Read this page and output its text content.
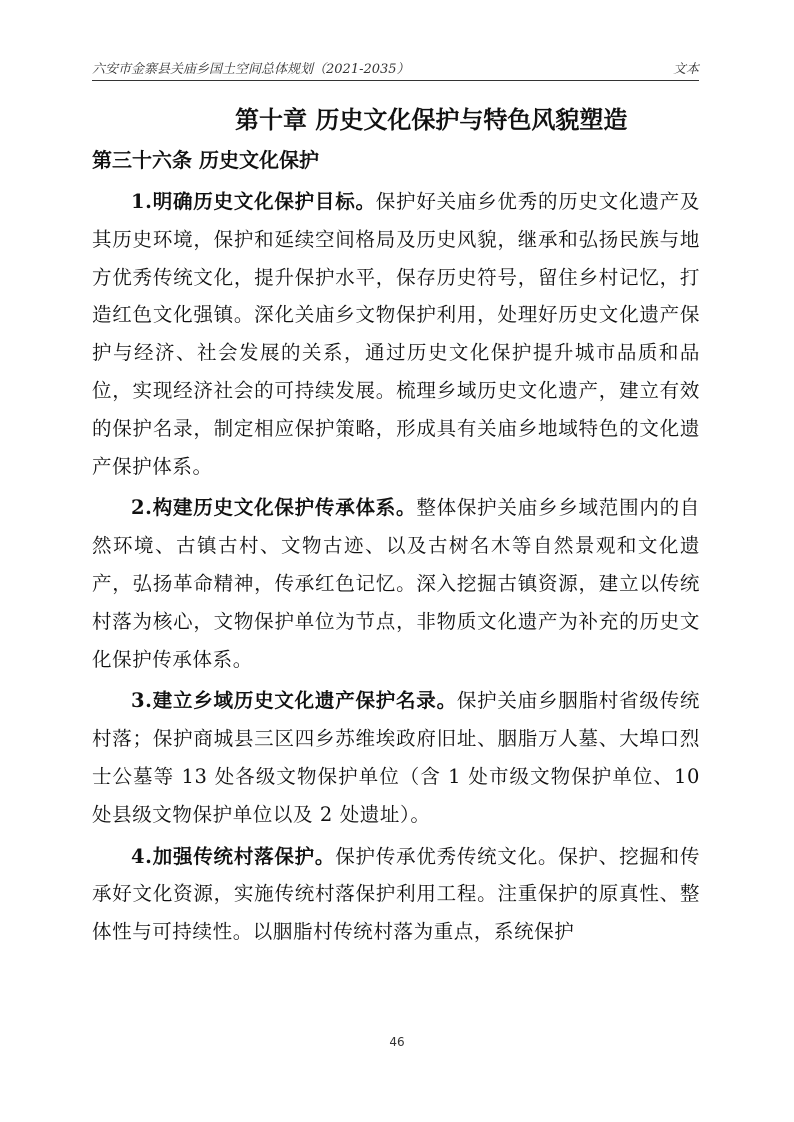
六安市金寨县关庙乡国土空间总体规划（2021-2035）	文本
第十章 历史文化保护与特色风貌塑造
第三十六条 历史文化保护

1.明确历史文化保护目标。保护好关庙乡优秀的历史文化遗产及其历史环境，保护和延续空间格局及历史风貌，继承和弘扬民族与地方优秀传统文化，提升保护水平，保存历史符号，留住乡村记忆，打造红色文化强镇。深化关庙乡文物保护利用，处理好历史文化遗产保护与经济、社会发展的关系，通过历史文化保护提升城市品质和品位，实现经济社会的可持续发展。梳理乡域历史文化遗产，建立有效的保护名录，制定相应保护策略，形成具有关庙乡地域特色的文化遗产保护体系。

2.构建历史文化保护传承体系。整体保护关庙乡乡域范围内的自然环境、古镇古村、文物古迹、以及古树名木等自然景观和文化遗产，弘扬革命精神，传承红色记忆。深入挖掘古镇资源，建立以传统村落为核心，文物保护单位为节点，非物质文化遗产为补充的历史文化保护传承体系。

3.建立乡域历史文化遗产保护名录。保护关庙乡胭脂村省级传统村落；保护商城县三区四乡苏维埃政府旧址、胭脂万人墓、大埠口烈士公墓等 13 处各级文物保护单位（含 1 处市级文物保护单位、10 处县级文物保护单位以及 2 处遗址）。

4.加强传统村落保护。保护传承优秀传统文化。保护、挖掘和传承好文化资源，实施传统村落保护利用工程。注重保护的原真性、整体性与可持续性。以胭脂村传统村落为重点，系统保护

46
